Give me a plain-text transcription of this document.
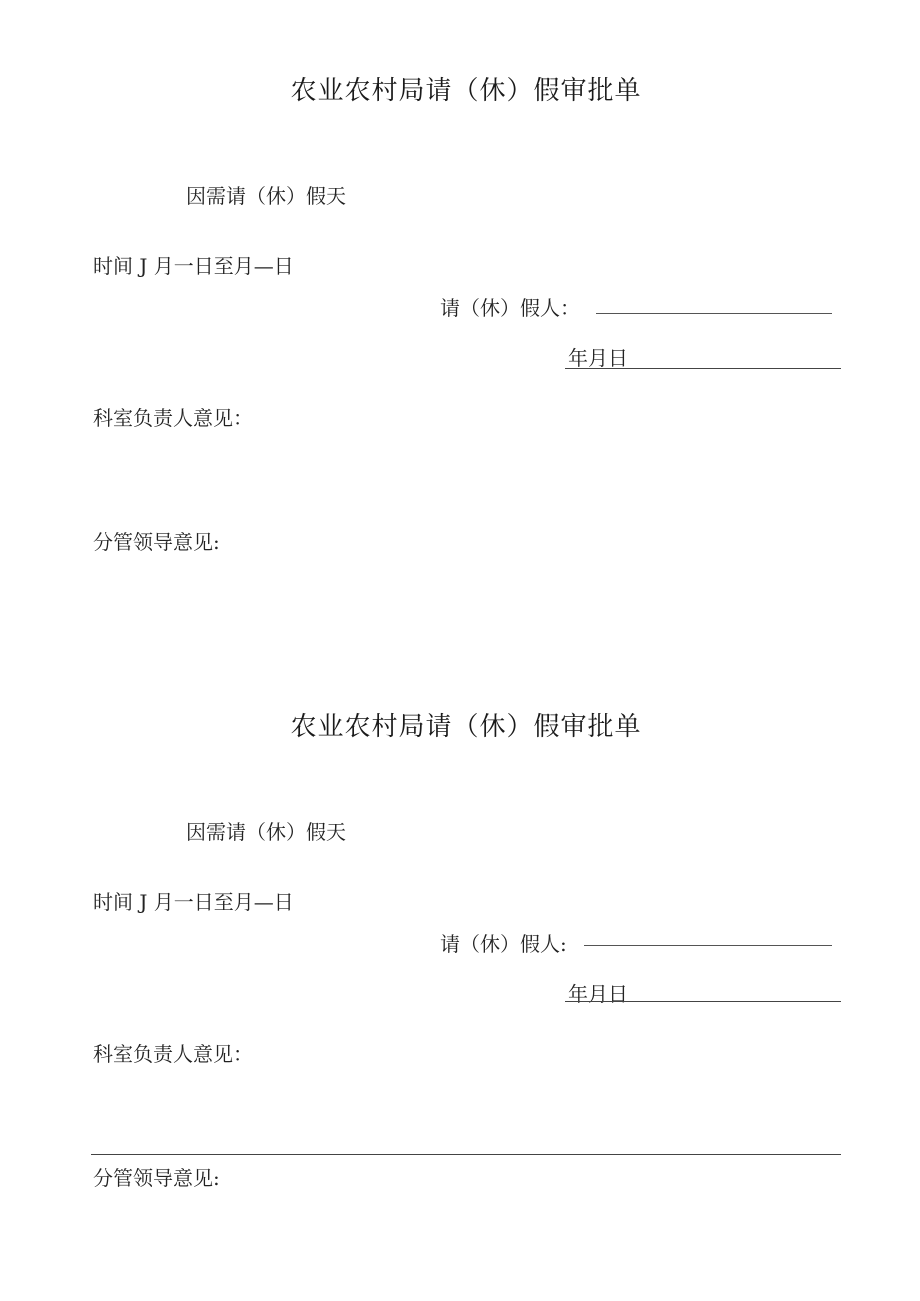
农业农村局请（休）假审批单
因需请（休）假天
时间 J 月一日至月—日
请（休）假人：
年月日
科室负责人意见：
分管领导意见:
农业农村局请（休）假审批单
因需请（休）假天
时间 J 月一日至月—日
请（休）假人:
年月日
科室负责人意见：
分管领导意见:
